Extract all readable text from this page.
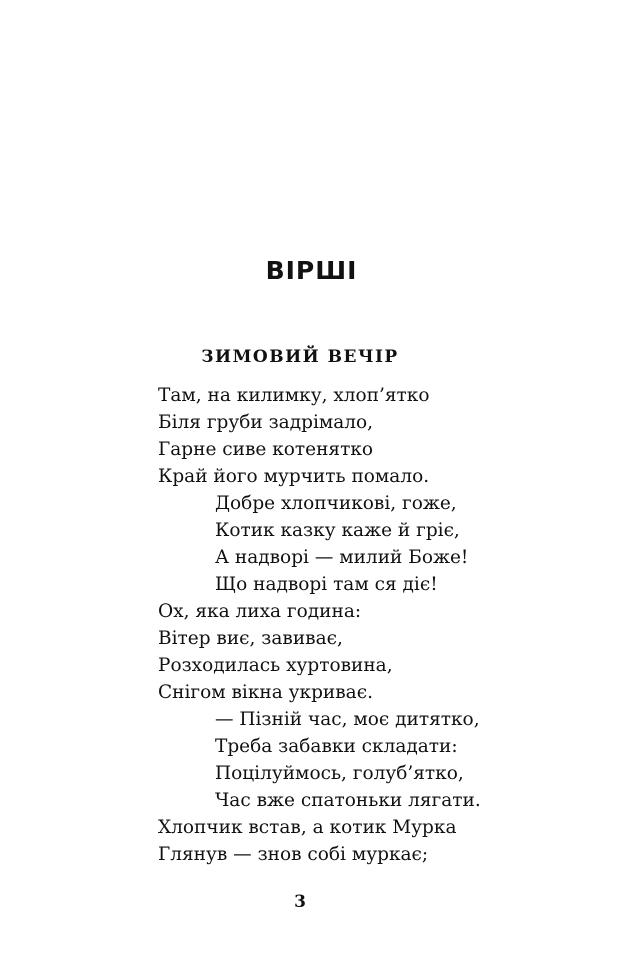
ВІРШІ
ЗИМОВИЙ ВЕЧІР
Там, на килимку, хлоп’ятко
Біля груби задрімало,
Гарне сиве котенятко
Край його мурчить помало.
Добре хлопчикові, гоже,
Котик казку каже й гріє,
А надворі — милий Боже!
Що надворі там ся діє!
Ох, яка лиха година:
Вітер виє, завиває,
Розходилась хуртовина,
Снігом вікна укриває.
— Пізній час, моє дитятко,
Треба забавки складати:
Поцілуймось, голуб’ятко,
Час вже спатоньки лягати.
Хлопчик встав, а котик Мурка
Глянув — знов собі муркає;
3
